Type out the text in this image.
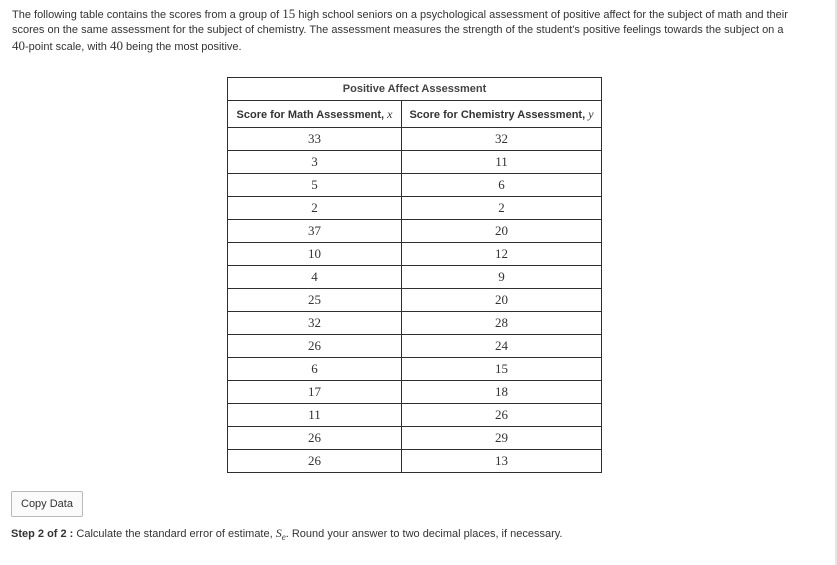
The following table contains the scores from a group of 15 high school seniors on a psychological assessment of positive affect for the subject of math and their scores on the same assessment for the subject of chemistry. The assessment measures the strength of the student's positive feelings towards the subject on a 40-point scale, with 40 being the most positive.

Positive Affect Assessment	
Score for Math Assessment, x	Score for Chemistry Assessment, y
33	32
3	11
5	6
2	2
37	20
10	12
4	9
25	20
32	28
26	24
6	15
17	18
11	26
26	29
26	13
Copy Data

Step 2 of 2 : Calculate the standard error of estimate, $S_e$. Round your answer to two decimal places, if necessary.
